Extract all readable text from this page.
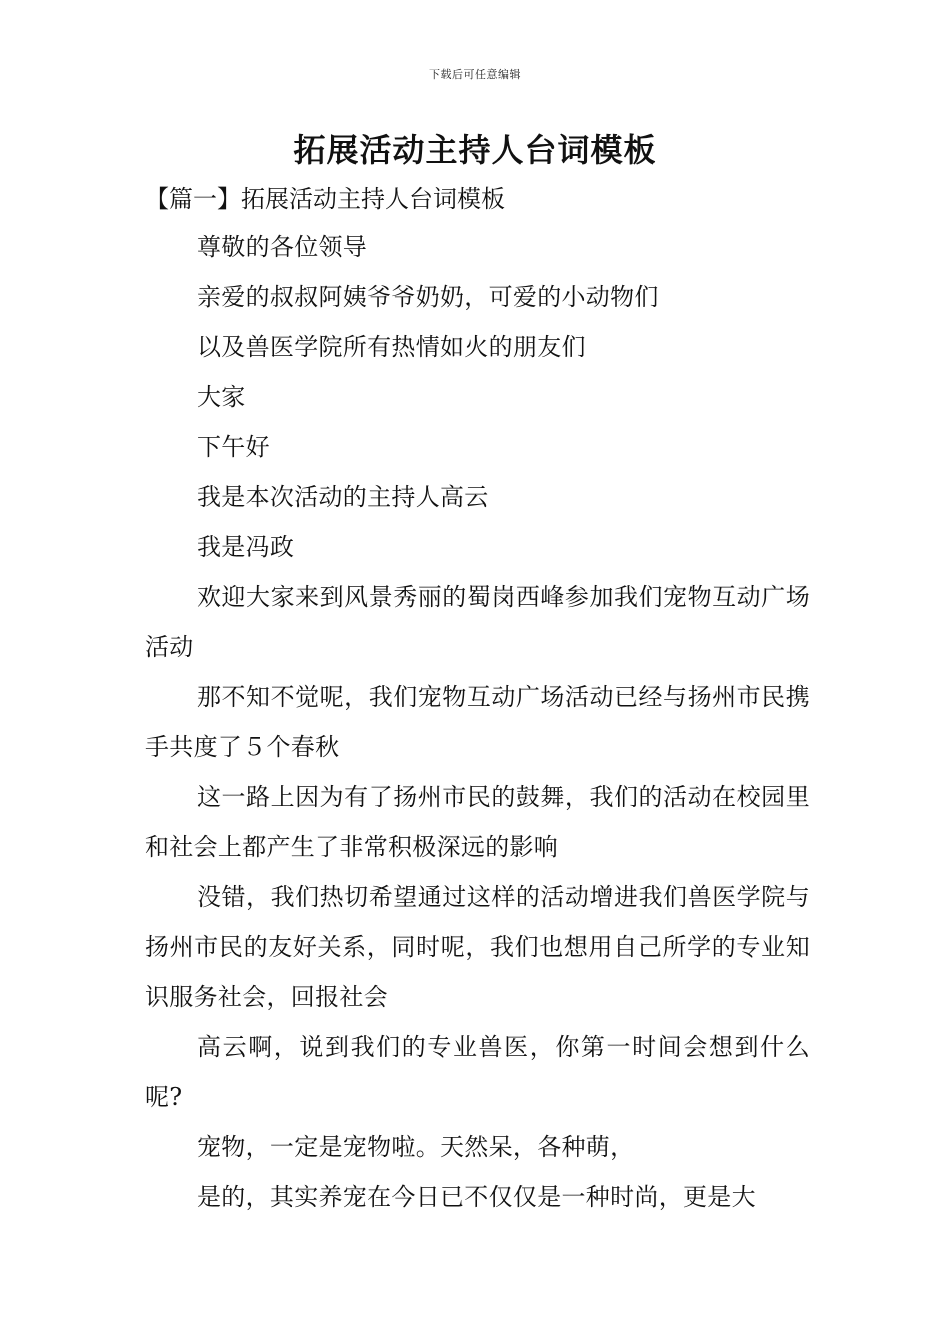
下载后可任意编辑
拓展活动主持人台词模板
【篇一】拓展活动主持人台词模板

尊敬的各位领导

亲爱的叔叔阿姨爷爷奶奶，可爱的小动物们

以及兽医学院所有热情如火的朋友们

大家

下午好

我是本次活动的主持人高云

我是冯政

欢迎大家来到风景秀丽的蜀岗西峰参加我们宠物互动广场活动

那不知不觉呢，我们宠物互动广场活动已经与扬州市民携手共度了５个春秋

这一路上因为有了扬州市民的鼓舞，我们的活动在校园里和社会上都产生了非常积极深远的影响

没错，我们热切希望通过这样的活动增进我们兽医学院与扬州市民的友好关系，同时呢，我们也想用自己所学的专业知识服务社会，回报社会

高云啊，说到我们的专业兽医，你第一时间会想到什么呢?

宠物，一定是宠物啦。天然呆，各种萌，

是的，其实养宠在今日已不仅仅是一种时尚，更是大
